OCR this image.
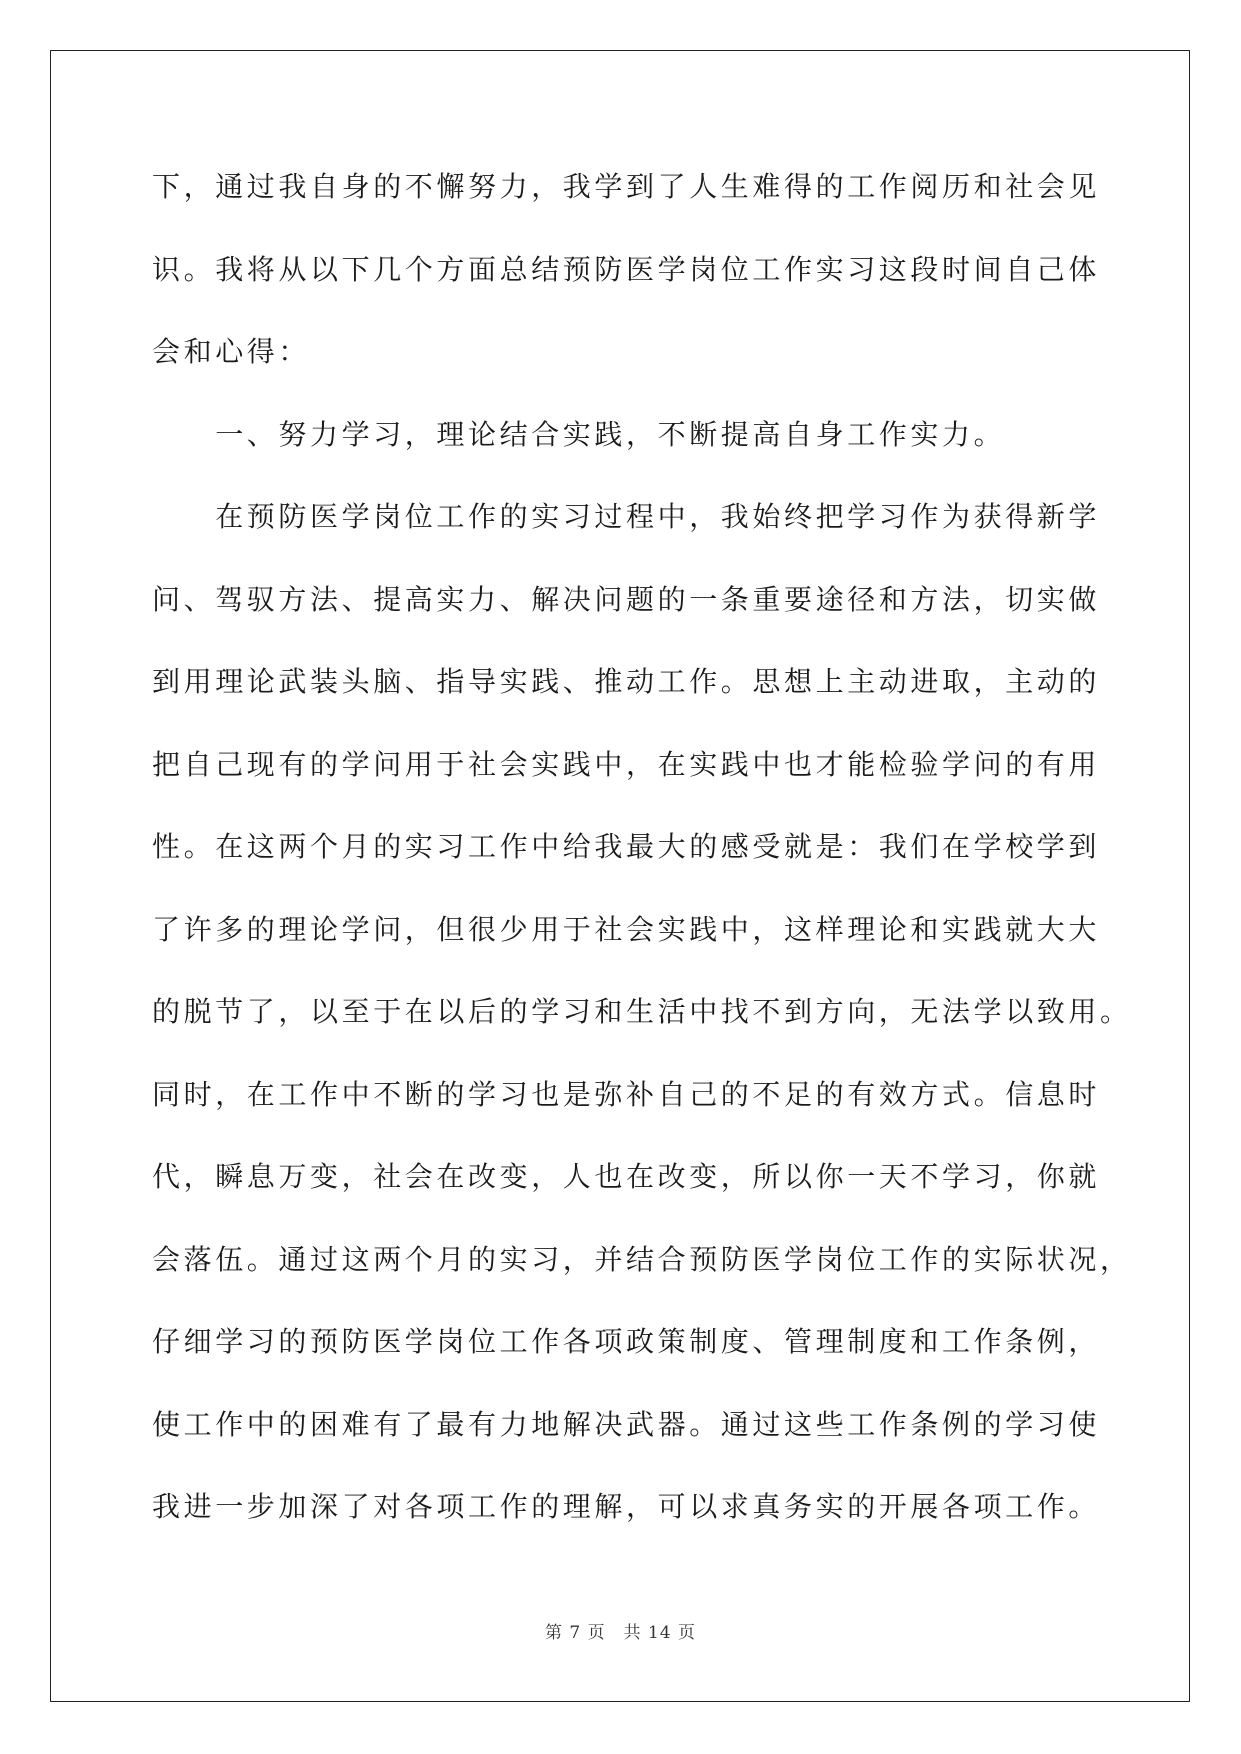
下，通过我自身的不懈努力，我学到了人生难得的工作阅历和社会见
识。我将从以下几个方面总结预防医学岗位工作实习这段时间自己体
会和心得：
　　一、努力学习，理论结合实践，不断提高自身工作实力。
　　在预防医学岗位工作的实习过程中，我始终把学习作为获得新学
问、驾驭方法、提高实力、解决问题的一条重要途径和方法，切实做
到用理论武装头脑、指导实践、推动工作。思想上主动进取，主动的
把自己现有的学问用于社会实践中，在实践中也才能检验学问的有用
性。在这两个月的实习工作中给我最大的感受就是：我们在学校学到
了许多的理论学问，但很少用于社会实践中，这样理论和实践就大大
的脱节了，以至于在以后的学习和生活中找不到方向，无法学以致用。
同时，在工作中不断的学习也是弥补自己的不足的有效方式。信息时
代，瞬息万变，社会在改变，人也在改变，所以你一天不学习，你就
会落伍。通过这两个月的实习，并结合预防医学岗位工作的实际状况，
仔细学习的预防医学岗位工作各项政策制度、管理制度和工作条例，
使工作中的困难有了最有力地解决武器。通过这些工作条例的学习使
我进一步加深了对各项工作的理解，可以求真务实的开展各项工作。
第 7 页　共 14 页
